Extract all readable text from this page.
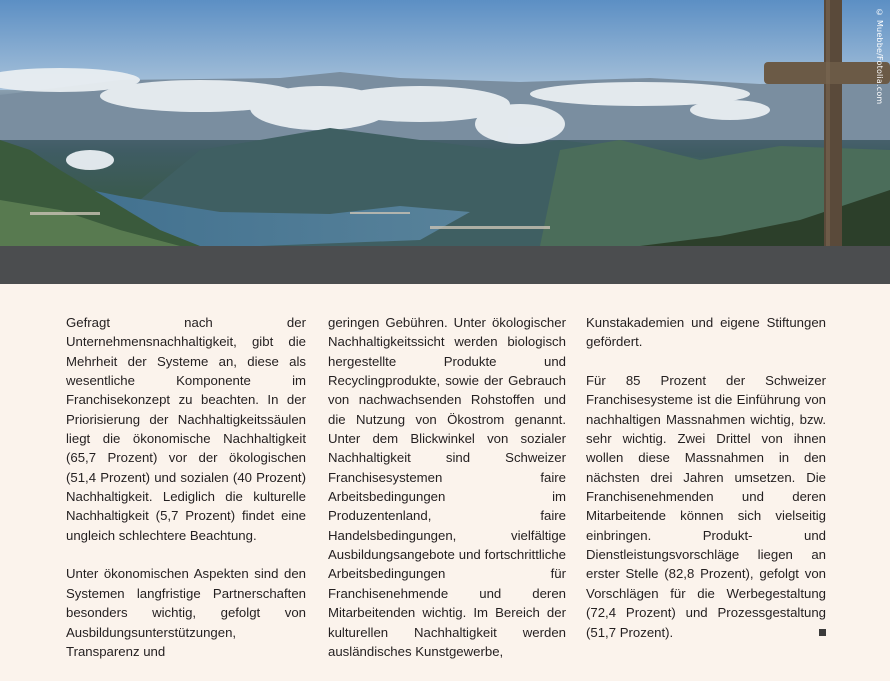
© Muebbe/Fotolia.com

Gefragt nach der Unternehmensnachhaltigkeit, gibt die Mehrheit der Systeme an, diese als wesentliche Komponente im Franchisekonzept zu beachten. In der Priorisierung der Nachhaltigkeitssäulen liegt die ökonomische Nachhaltigkeit (65,7 Prozent) vor der ökologischen (51,4 Prozent) und sozialen (40 Prozent) Nachhaltigkeit. Lediglich die kulturelle Nachhaltigkeit (5,7 Prozent) findet eine ungleich schlechtere Beachtung.

Unter ökonomischen Aspekten sind den Systemen langfristige Partnerschaften besonders wichtig, gefolgt von Ausbildungsunterstützungen, Transparenz und

geringen Gebühren. Unter ökologischer Nachhaltigkeitssicht werden biologisch hergestellte Produkte und Recyclingprodukte, sowie der Gebrauch von nachwachsenden Rohstoffen und die Nutzung von Ökostrom genannt. Unter dem Blickwinkel von sozialer Nachhaltigkeit sind Schweizer Franchisesystemen faire Arbeitsbedingungen im Produzentenland, faire Handelsbedingungen, vielfältige Ausbildungsangebote und fortschrittliche Arbeitsbedingungen für Franchisenehmende und deren Mitarbeitenden wichtig. Im Bereich der kulturellen Nachhaltigkeit werden ausländisches Kunstgewerbe,

Kunstakademien und eigene Stiftungen gefördert.

Für 85 Prozent der Schweizer Franchisesysteme ist die Einführung von nachhaltigen Massnahmen wichtig, bzw. sehr wichtig. Zwei Drittel von ihnen wollen diese Massnahmen in den nächsten drei Jahren umsetzen. Die Franchisenehmenden und deren Mitarbeitende können sich vielseitig einbringen. Produkt- und Dienstleistungsvorschläge liegen an erster Stelle (82,8 Prozent), gefolgt von Vorschlägen für die Werbegestaltung (72,4 Prozent) und Prozessgestaltung (51,7 Prozent).
